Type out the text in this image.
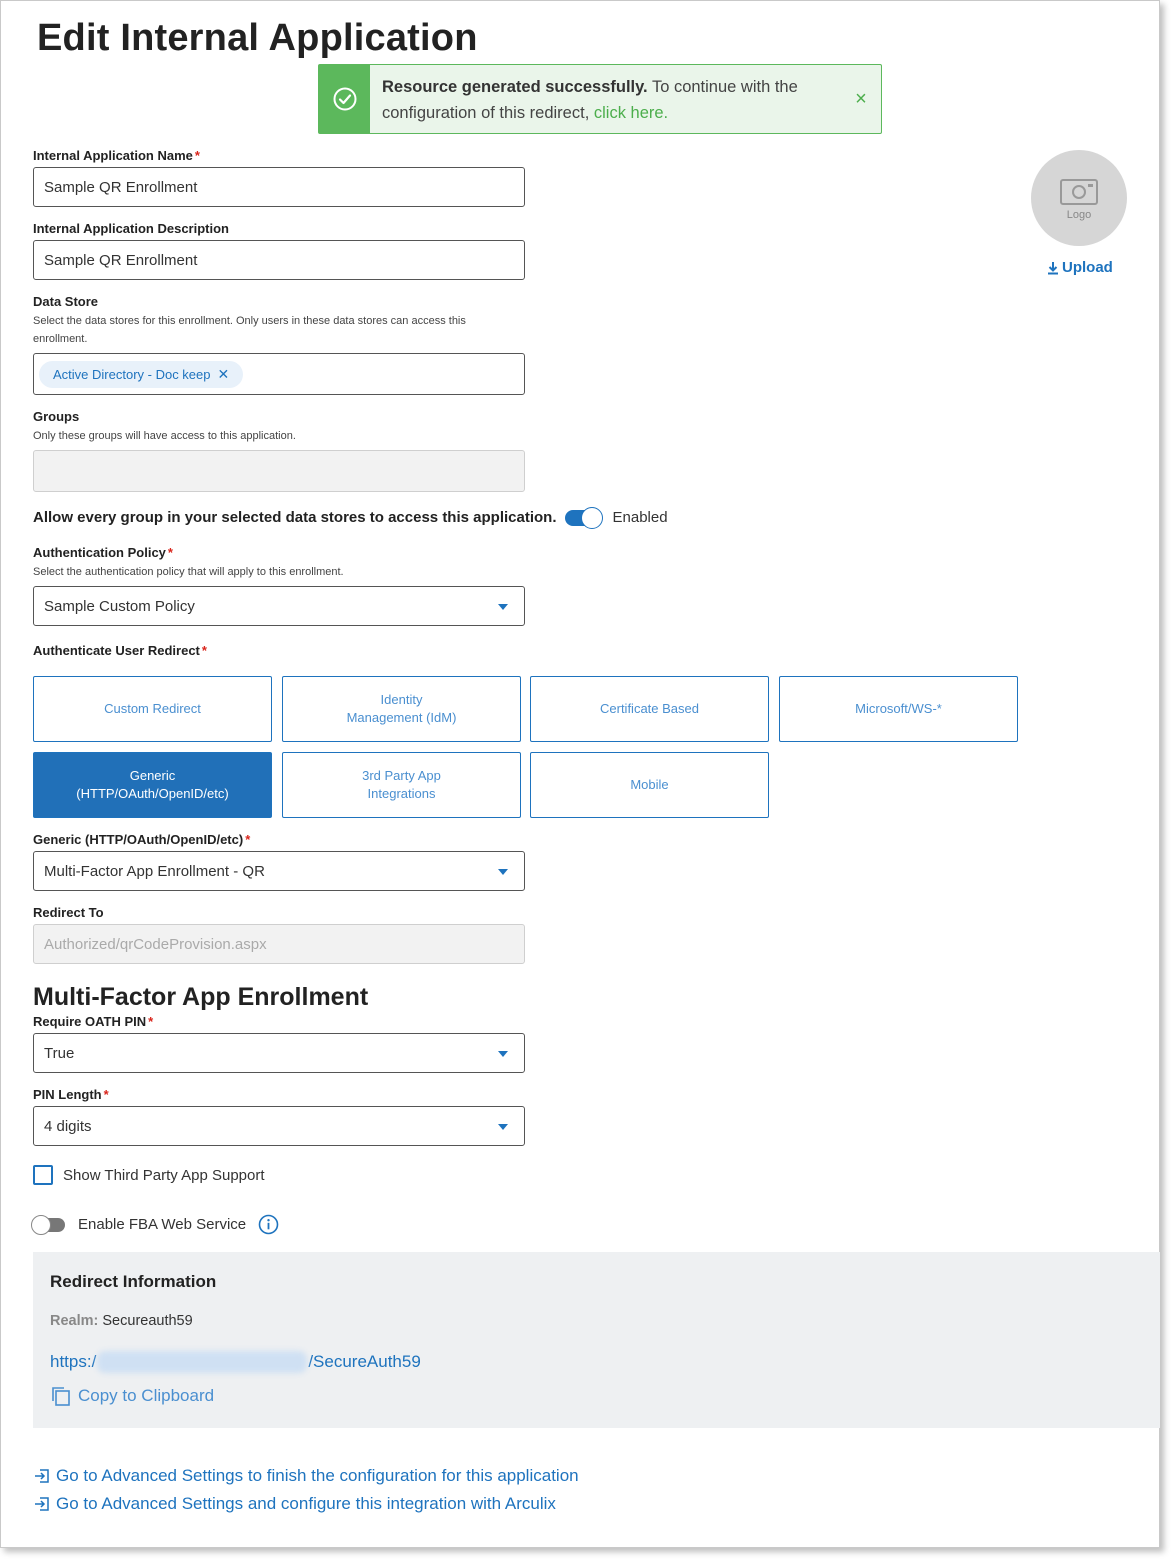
Edit Internal Application
Resource generated successfully. To continue with the configuration of this redirect, click here.
×
Logo
Upload
Internal Application Name *
Sample QR Enrollment
Internal Application Description
Sample QR Enrollment
Data Store
Select the data stores for this enrollment. Only users in these data stores can access this enrollment.
Active Directory - Doc keep ✕
Groups
Only these groups will have access to this application.
Allow every group in your selected data stores to access this application.	Enabled
Authentication Policy *
Select the authentication policy that will apply to this enrollment.
Sample Custom Policy
Authenticate User Redirect *
Custom Redirect
Identity
Management (IdM)
Certificate Based	Microsoft/WS-*
Generic
(HTTP/OAuth/OpenID/etc)
3rd Party App
Integrations
Mobile
Generic (HTTP/OAuth/OpenID/etc) *
Multi-Factor App Enrollment - QR
Redirect To
Authorized/qrCodeProvision.aspx
Multi-Factor App Enrollment
Require OATH PIN *
True
PIN Length *
4 digits
Show Third Party App Support
Enable FBA Web Service
Redirect Information
Realm: Secureauth59
https:/	/SecureAuth59
Copy to Clipboard
Go to Advanced Settings to finish the configuration for this application
Go to Advanced Settings and configure this integration with Arculix
